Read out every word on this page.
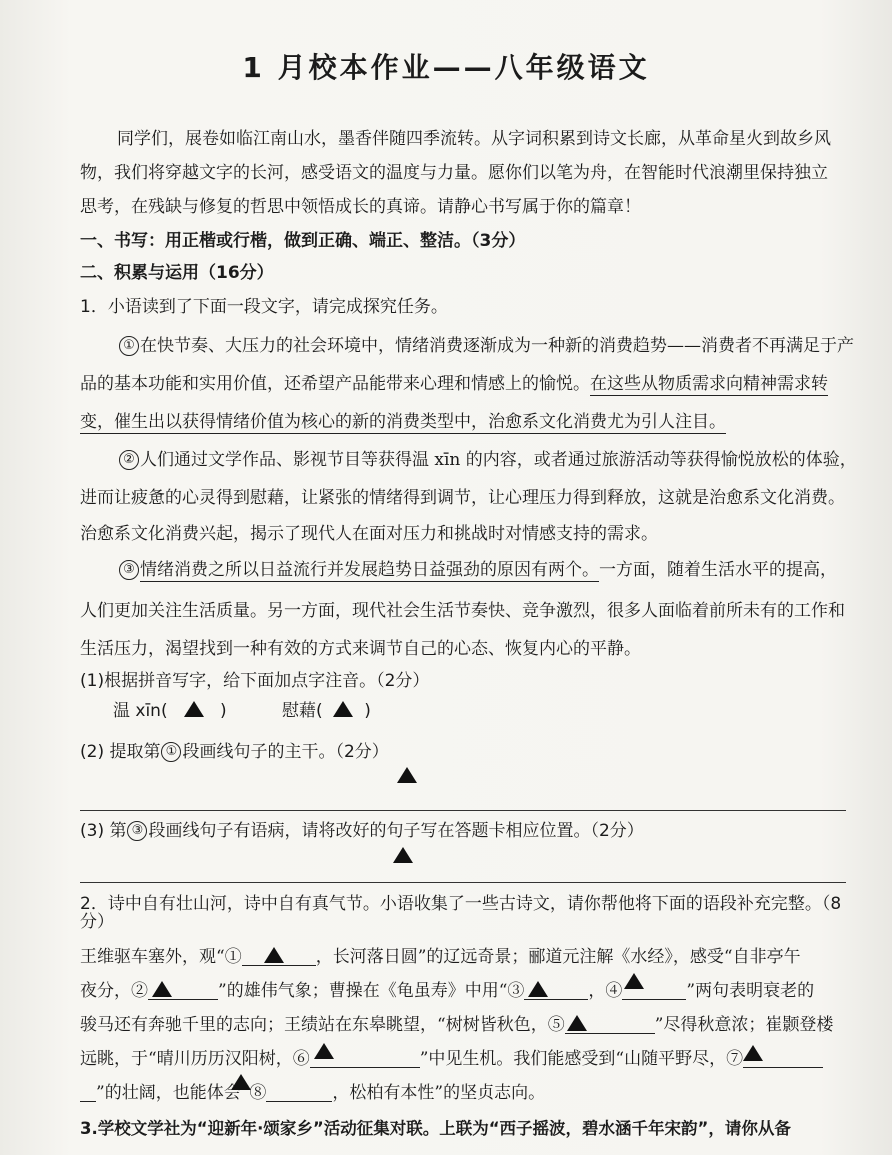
1 月校本作业——八年级语文
同学们，展卷如临江南山水，墨香伴随四季流转。从字词积累到诗文长廊，从革命星火到故乡风
物，我们将穿越文字的长河，感受语文的温度与力量。愿你们以笔为舟，在智能时代浪潮里保持独立
思考，在残缺与修复的哲思中领悟成长的真谛。请静心书写属于你的篇章！
一、书写：用正楷或行楷，做到正确、端正、整洁。（3分）
二、积累与运用（16分）
1．小语读到了下面一段文字，请完成探究任务。
① 在快节奏、大压力的社会环境中，情绪消费逐渐成为一种新的消费趋势——消费者不再满足于产
品的基本功能和实用价值，还希望产品能带来心理和情感上的愉悦。在这些从物质需求向精神需求转
变，催生出以获得情绪价值为核心的新的消费类型中，治愈系文化消费尤为引人注目。
② 人们通过文学作品、影视节目等获得温 xīn 的内容，或者通过旅游活动等获得愉悦放松的体验，
进而让疲惫的心灵得到慰藉，让紧张的情绪得到调节，让心理压力得到释放，这就是治愈系文化消费。
治愈系文化消费兴起，揭示了现代人在面对压力和挑战时对情感支持的需求。
③ 情绪消费之所以日益流行并发展趋势日益强劲的原因有两个。一方面，随着生活水平的提高，
人们更加关注生活质量。另一方面，现代社会生活节奏快、竞争激烈，很多人面临着前所未有的工作和
生活压力，渴望找到一种有效的方式来调节自己的心态、恢复内心的平静。
(1)根据拼音写字，给下面加点字注音。（2分）
温 xīn(	)	慰藉( )
(2) 提取第 ① 段画线句子的主干。（2分）
(3) 第 ③ 段画线句子有语病，请将改好的句子写在答题卡相应位置。（2分）
2．诗中自有壮山河，诗中自有真气节。小语收集了一些古诗文，请你帮他将下面的语段补充完整。（8
分）
王维驱车塞外，观“①	，长河落日圆”的辽远奇景；郦道元注解《水经》，感受“自非亭午
夜分，②	”的雄伟气象；曹操在《龟虽寿》中用“③	，④	”两句表明衰老的
骏马还有奔驰千里的志向；王绩站在东皋眺望，“树树皆秋色，⑤	”尽得秋意浓；崔颢登楼
远眺，于“晴川历历汉阳树，⑥	”中见生机。我们能感受到“山随平野尽，⑦
”的壮阔，也能体会“⑧	，松柏有本性”的坚贞志向。
3.学校文学社为“迎新年·颂家乡”活动征集对联。上联为“西子摇波，碧水涵千年宋韵”，请你从备
